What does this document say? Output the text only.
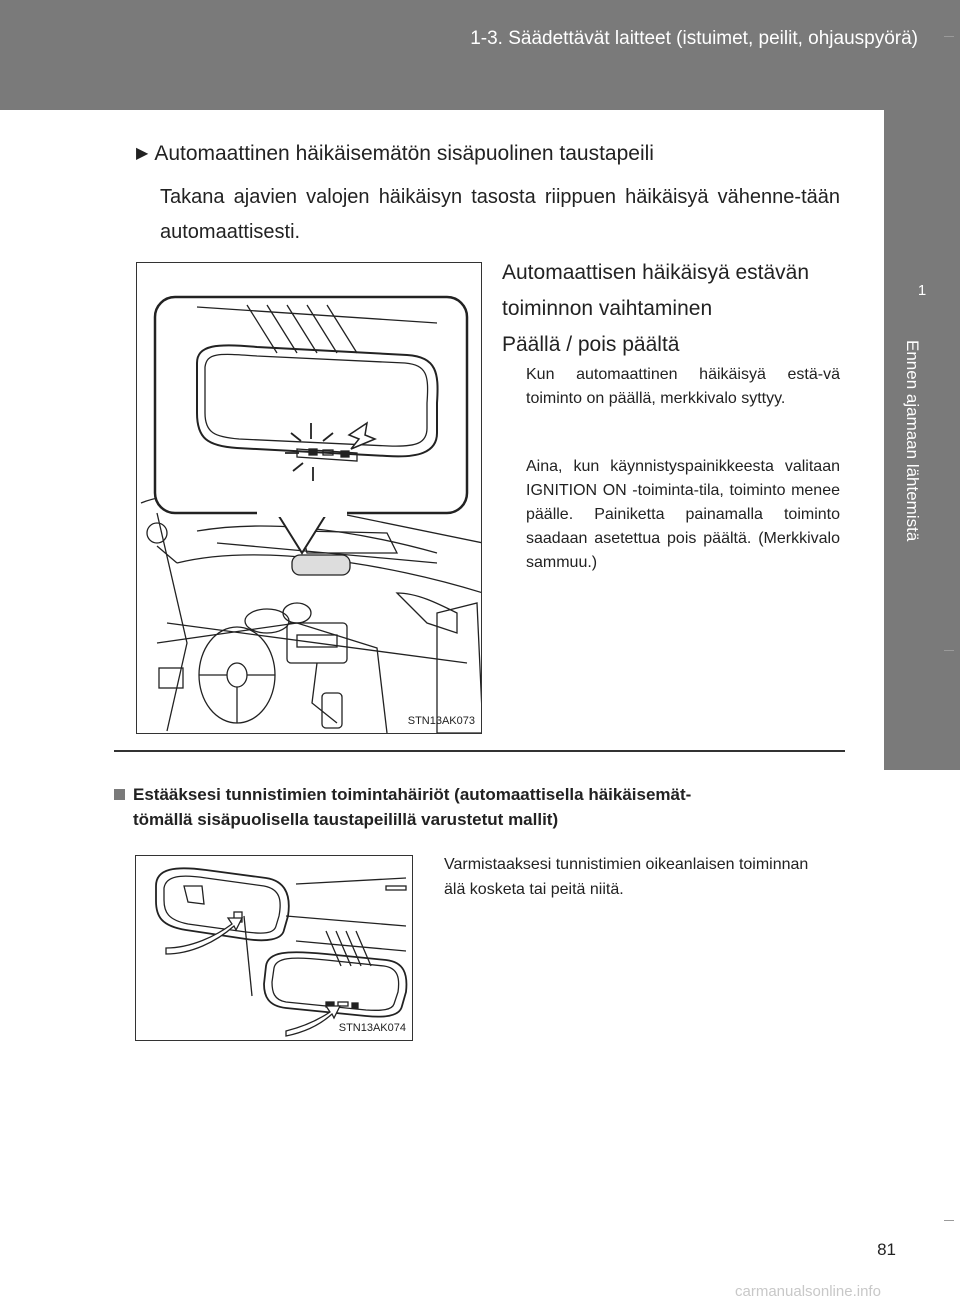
1-3. Säädettävät laitteet (istuimet, peilit, ohjauspyörä)
1
Ennen ajamaan lähtemistä
▶ Automaattinen häikäisemätön sisäpuolinen taustapeili
Takana ajavien valojen häikäisyn tasosta riippuen häikäisyä vähenne-tään automaattisesti.
STN13AK073
Automaattisen häikäisyä estävän
toiminnon vaihtaminen
Päällä / pois päältä
Kun automaattinen häikäisyä estä-vä toiminto on päällä, merkkivalo syttyy.
Aina, kun käynnistyspainikkeesta valitaan IGNITION ON -toiminta-tila, toiminto menee päälle. Painiketta painamalla toiminto saadaan asetettua pois päältä. (Merkkivalo sammuu.)
Estääksesi tunnistimien toimintahäiriöt (automaattisella häikäisemät-
tömällä sisäpuolisella taustapeilillä varustetut mallit)
STN13AK074
Varmistaaksesi tunnistimien oikeanlaisen toiminnan älä kosketa tai peitä niitä.
81
carmanualsonline.info
